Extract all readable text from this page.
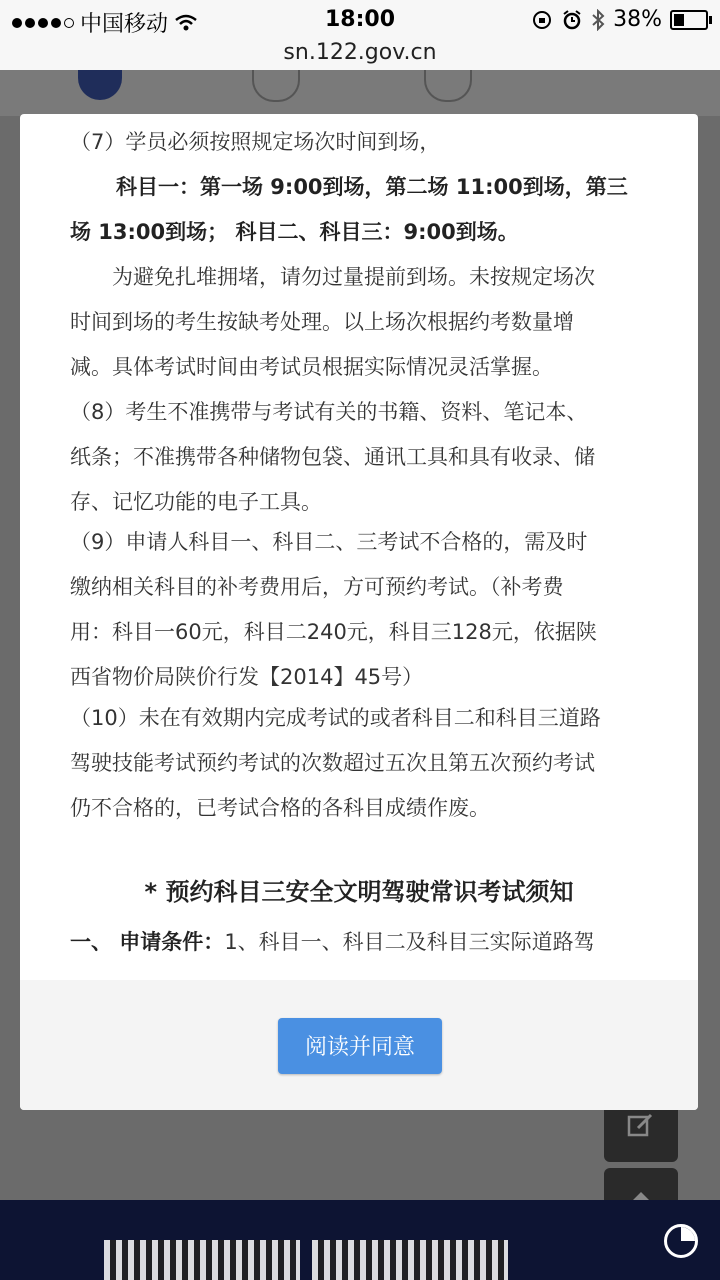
中国移动	18:00	38%
sn.122.gov.cn
（7）学员必须按照规定场次时间到场，
科目一：第一场 9:00到场，第二场 11:00到场，第三
场 13:00到场； 科目二、科目三：9:00到场。
为避免扎堆拥堵，请勿过量提前到场。未按规定场次
时间到场的考生按缺考处理。以上场次根据约考数量增
减。具体考试时间由考试员根据实际情况灵活掌握。
（8）考生不准携带与考试有关的书籍、资料、笔记本、
纸条；不准携带各种储物包袋、通讯工具和具有收录、储
存、记忆功能的电子工具。
（9）申请人科目一、科目二、三考试不合格的，需及时
缴纳相关科目的补考费用后，方可预约考试。（补考费
用：科目一60元，科目二240元，科目三128元，依据陕
西省物价局陕价行发【2014】45号）
（10）未在有效期内完成考试的或者科目二和科目三道路
驾驶技能考试预约考试的次数超过五次且第五次预约考试
仍不合格的，已考试合格的各科目成绩作废。
* 预约科目三安全文明驾驶常识考试须知
一、 申请条件：1、科目一、科目二及科目三实际道路驾
阅读并同意
